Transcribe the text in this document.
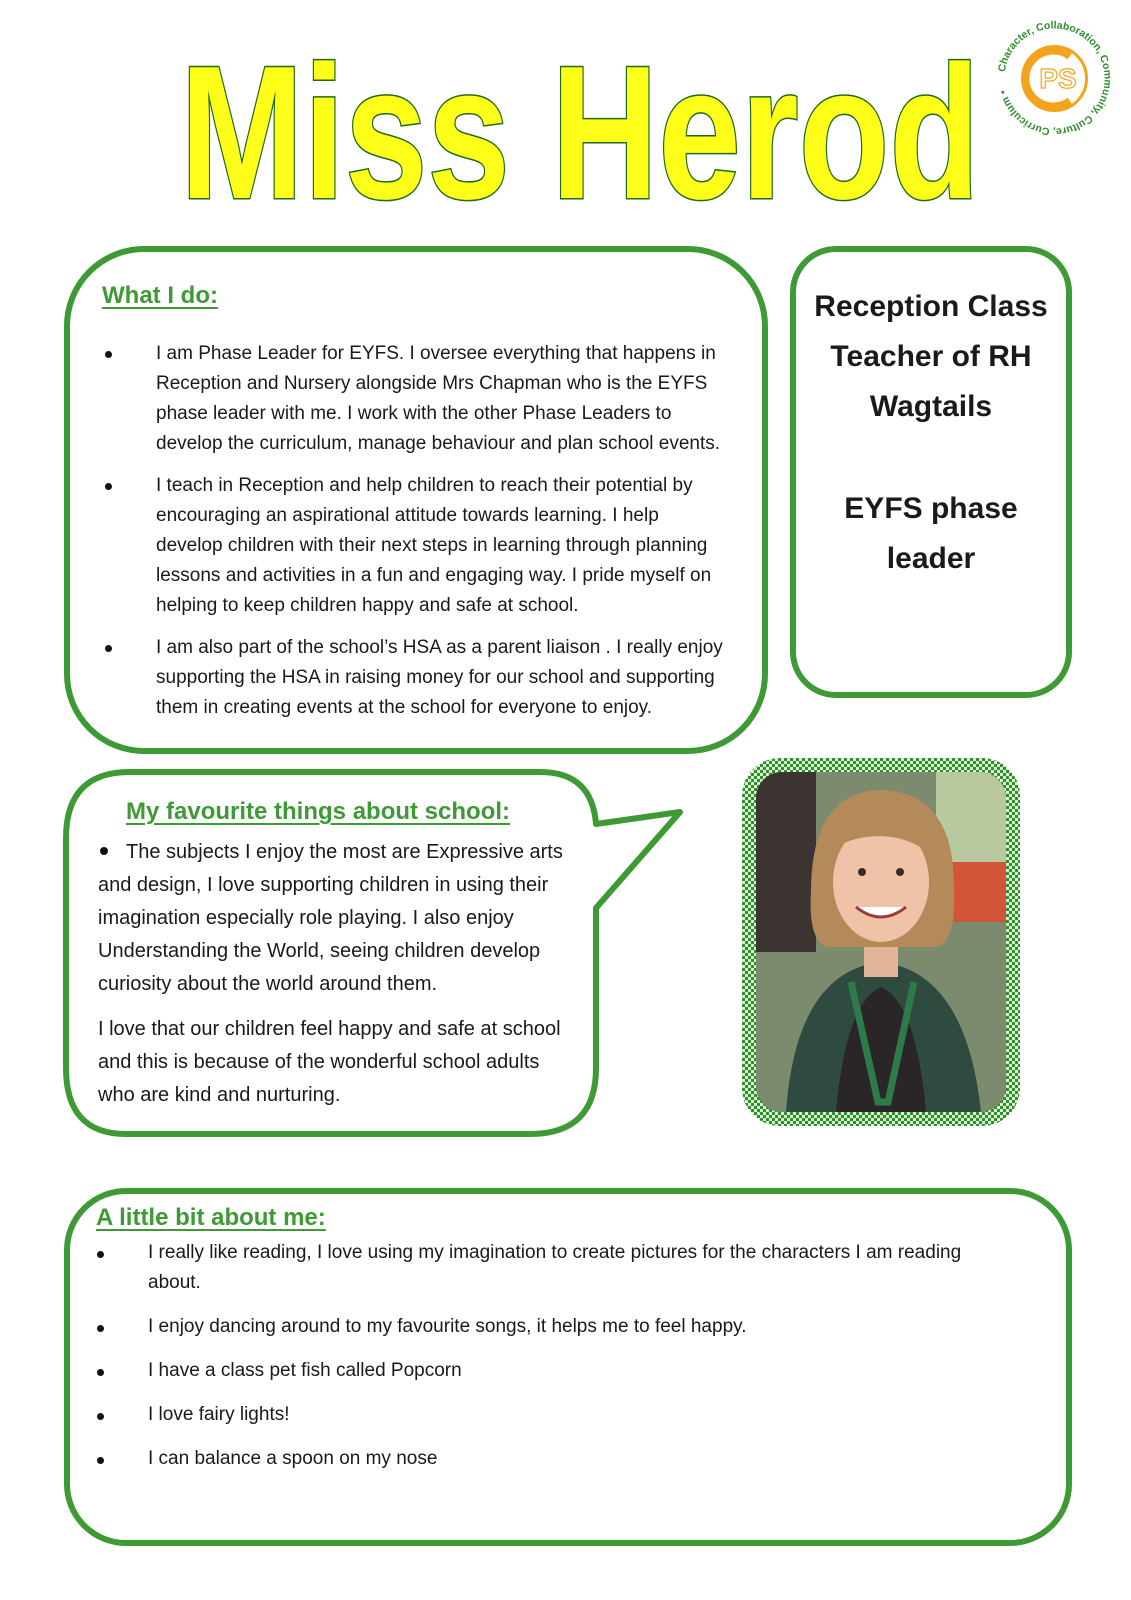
Miss Herod Character, Collaboration, Community, Culture, Curriculum •	PS
What I do:
I am Phase Leader for EYFS. I oversee everything that happens in Reception and Nursery alongside Mrs Chapman who is the EYFS phase leader with me. I work with the other Phase Leaders to develop the curriculum, manage behaviour and plan school events.
I teach in Reception and help children to reach their potential by encouraging an aspirational attitude towards learning. I help develop children with their next steps in learning through planning lessons and activities in a fun and engaging way. I pride myself on helping to keep children happy and safe at school.
I am also part of the school’s HSA as a parent liaison . I really enjoy supporting the HSA in raising money for our school and supporting them in creating events at the school for everyone to enjoy.

Reception Class

Teacher of RH

Wagtails

EYFS phase

leader

My favourite things about school:

The subjects I enjoy the most are Expressive arts and design, I love supporting children in using their imagination especially role playing. I also enjoy Understanding the World, seeing children develop curiosity about the world around them.

I love that our children feel happy and safe at school and this is because of the wonderful school adults who are kind and nurturing.

A little bit about me:
I really like reading, I love using my imagination to create pictures for the characters I am reading about.
I enjoy dancing around to my favourite songs, it helps me to feel happy.
I have a class pet fish called Popcorn
I love fairy lights!
I can balance a spoon on my nose
